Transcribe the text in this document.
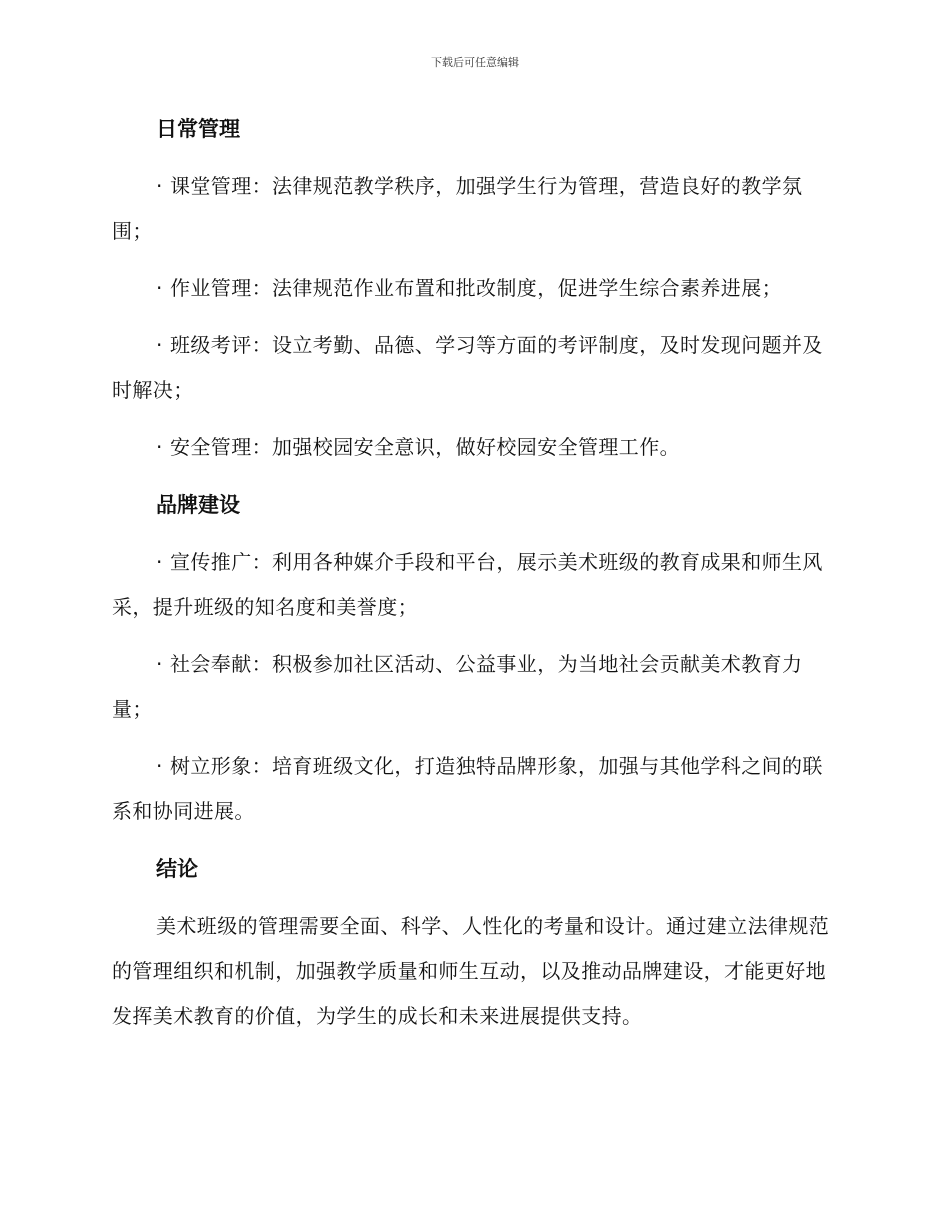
下载后可任意编辑
日常管理

· 课堂管理：法律规范教学秩序，加强学生行为管理，营造良好的教学氛围；

· 作业管理：法律规范作业布置和批改制度，促进学生综合素养进展；

· 班级考评：设立考勤、品德、学习等方面的考评制度，及时发现问题并及时解决；

· 安全管理：加强校园安全意识，做好校园安全管理工作。

品牌建设

· 宣传推广：利用各种媒介手段和平台，展示美术班级的教育成果和师生风采，提升班级的知名度和美誉度；

· 社会奉献：积极参加社区活动、公益事业，为当地社会贡献美术教育力量；

· 树立形象：培育班级文化，打造独特品牌形象，加强与其他学科之间的联系和协同进展。

结论

美术班级的管理需要全面、科学、人性化的考量和设计。通过建立法律规范的管理组织和机制，加强教学质量和师生互动，以及推动品牌建设，才能更好地发挥美术教育的价值，为学生的成长和未来进展提供支持。
